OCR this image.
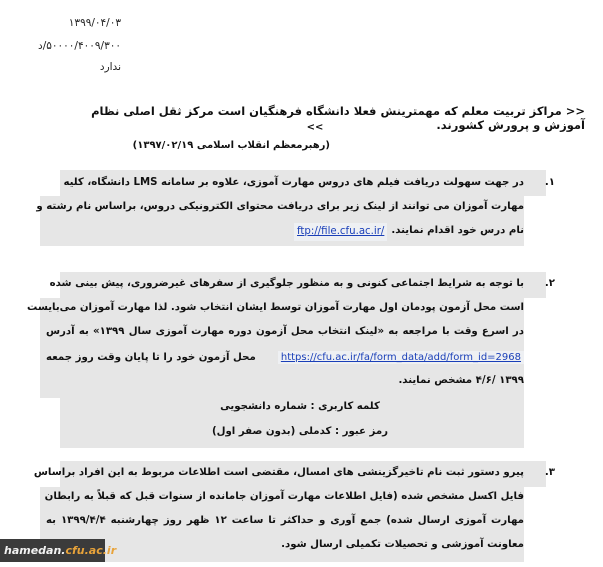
۱۳۹۹/۰۴/۰۳
۵۰۰۰۰/۴۰۰۹/۳۰۰/د
ندارد
<< مراکز تربیت معلم که مهمترینش فعلا دانشگاه فرهنگیان است مرکز ثقل اصلی نظام آموزش و پرورش کشورند.
>>
(رهبرمعظم انقلاب اسلامی ۱۳۹۷/۰۲/۱۹)
۱.
در جهت سهولت دریافت فیلم های دروس مهارت آموزی، علاوه بر سامانه LMS دانشگاه، کلیه
مهارت آموزان می توانند از لینک زیر برای دریافت محتوای الکترونیکی دروس، براساس نام رشته و
نام درس خود اقدام نمایند.
ftp://file.cfu.ac.ir/
۲.
با توجه به شرایط اجتماعی کنونی و به منظور جلوگیری از سفرهای غیرضروری، پیش بینی شده
است محل آزمون پودمان اول مهارت آموزان توسط ایشان انتخاب شود. لذا مهارت آموزان می‌بایست
در اسرع وقت با مراجعه به «لینک انتخاب محل آزمون دوره مهارت آموزی سال ۱۳۹۹» به آدرس
https://cfu.ac.ir/fa/form_data/add/form_id=2968
محل آزمون خود را تا پایان وقت روز جمعه
۱۳۹۹ /۴/۶ مشخص نمایند.
کلمه کاربری : شماره دانشجویی
رمز عبور : کدملی (بدون صفر اول)
۳.
پیرو دستور ثبت نام تاخیرگزینشی های امسال، مقتضی است اطلاعات مربوط به این افراد براساس
فایل اکسل مشخص شده (فایل اطلاعات مهارت آموزان جامانده از سنوات قبل که قبلاً به رابطان
مهارت آموزی ارسال شده) جمع آوری و حداکثر تا ساعت ۱۲ ظهر روز چهارشنبه ۱۳۹۹/۴/۴ به
معاونت آموزشی و تحصیلات تکمیلی ارسال شود.
hamedan. cfu.ac.ir
